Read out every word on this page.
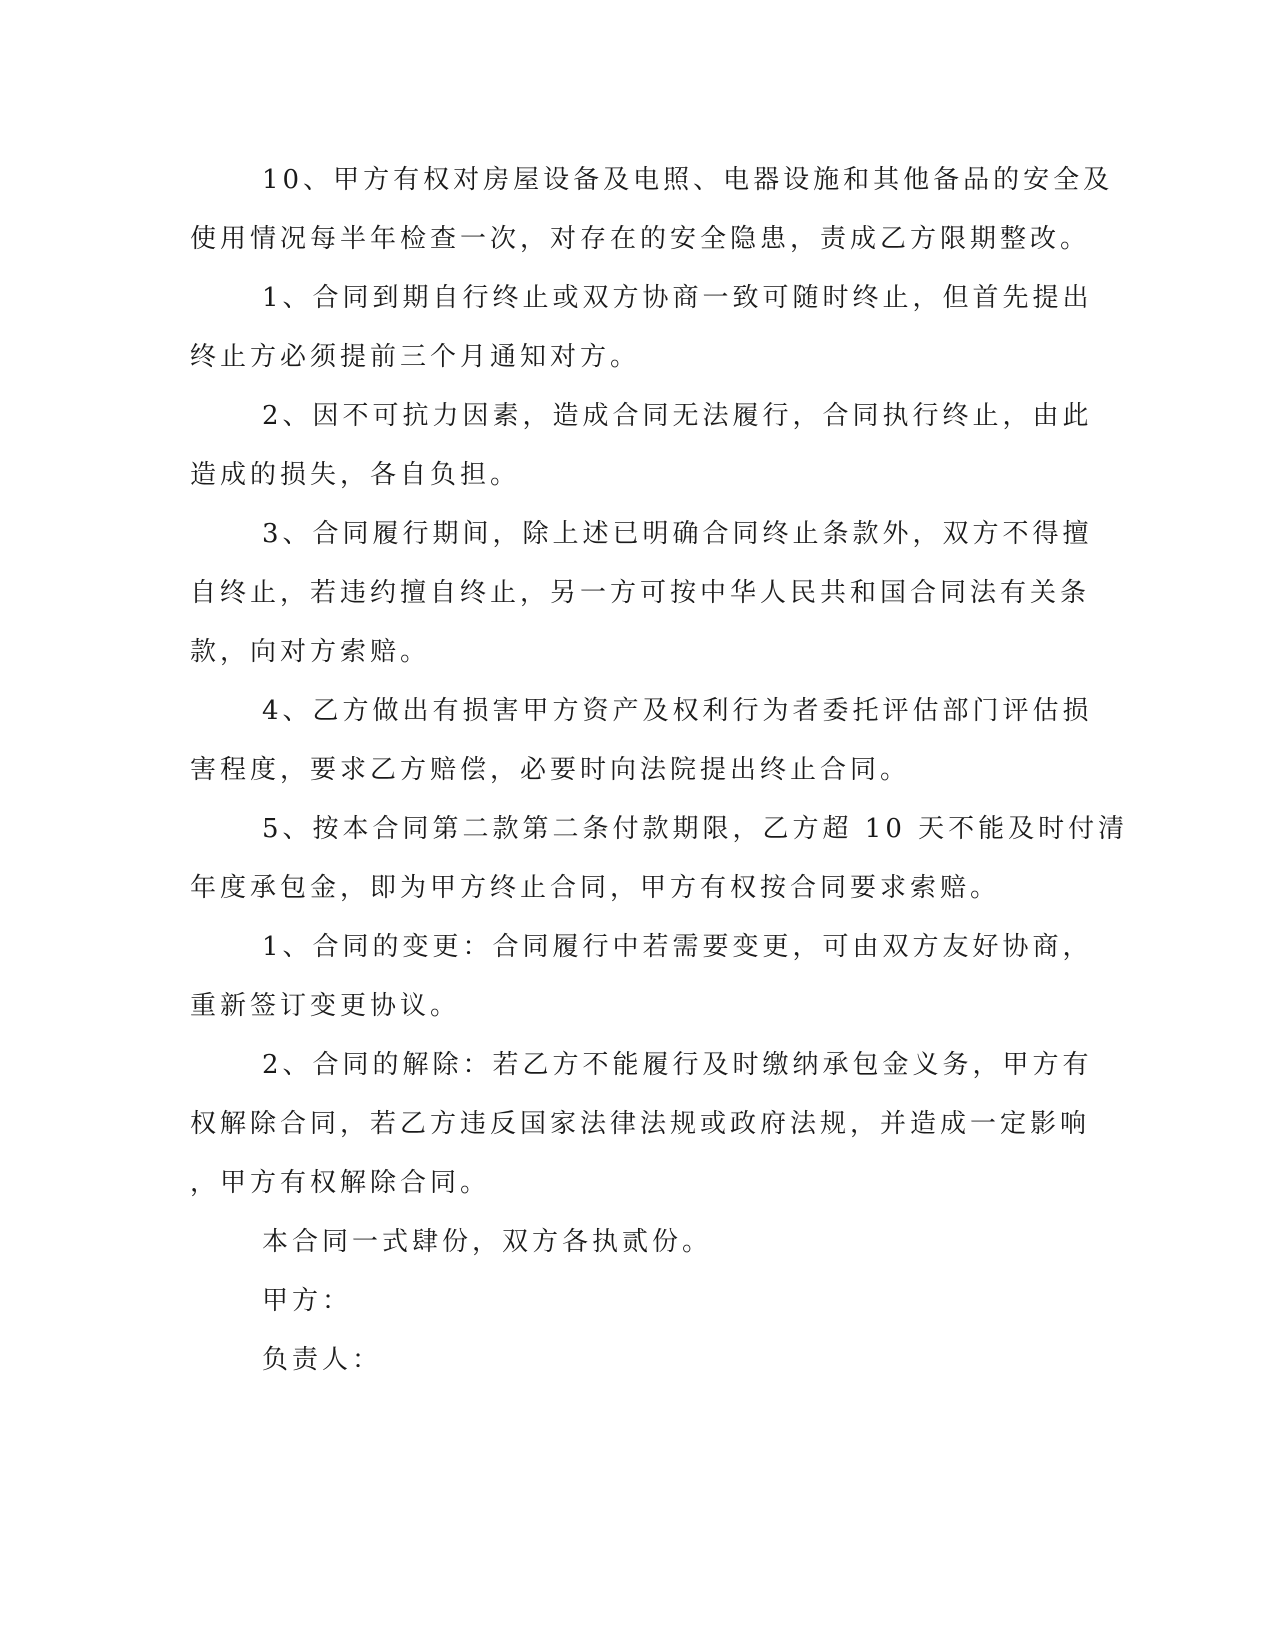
10、甲方有权对房屋设备及电照、电器设施和其他备品的安全及
使用情况每半年检查一次，对存在的安全隐患，责成乙方限期整改。
1、合同到期自行终止或双方协商一致可随时终止，但首先提出
终止方必须提前三个月通知对方。
2、因不可抗力因素，造成合同无法履行，合同执行终止，由此
造成的损失，各自负担。
3、合同履行期间，除上述已明确合同终止条款外，双方不得擅
自终止，若违约擅自终止，另一方可按中华人民共和国合同法有关条
款，向对方索赔。
4、乙方做出有损害甲方资产及权利行为者委托评估部门评估损
害程度，要求乙方赔偿，必要时向法院提出终止合同。
5、按本合同第二款第二条付款期限，乙方超 10 天不能及时付清
年度承包金，即为甲方终止合同，甲方有权按合同要求索赔。
1、合同的变更：合同履行中若需要变更，可由双方友好协商，
重新签订变更协议。
2、合同的解除：若乙方不能履行及时缴纳承包金义务，甲方有
权解除合同，若乙方违反国家法律法规或政府法规，并造成一定影响
，甲方有权解除合同。
本合同一式肆份，双方各执贰份。
甲方：
负责人：
